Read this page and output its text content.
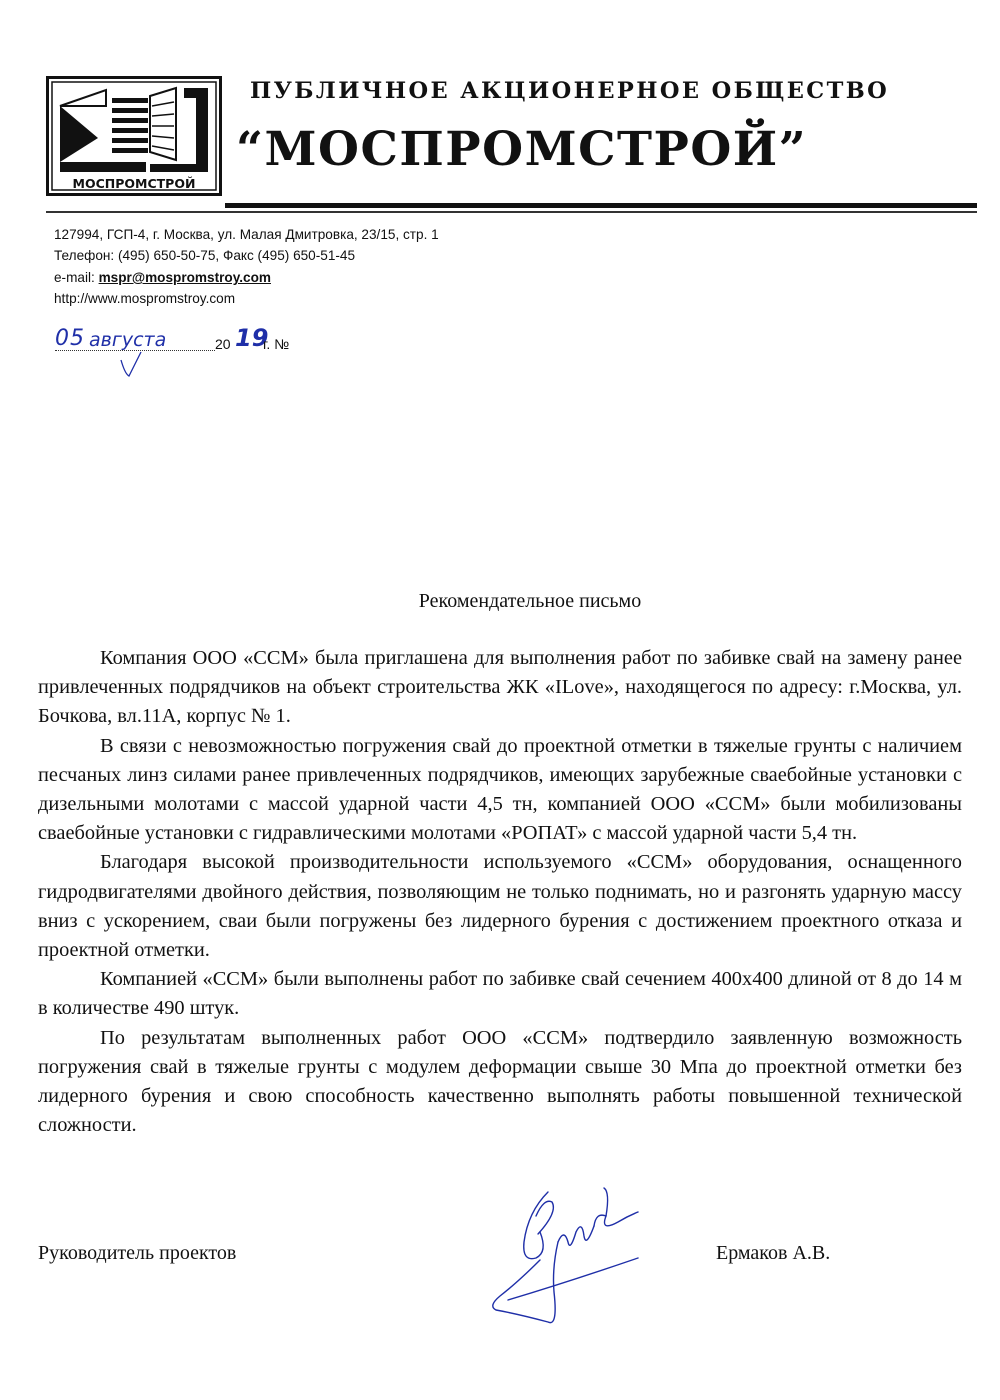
МОСПРОМСТРОЙ
ПУБЛИЧНОЕ АКЦИОНЕРНОЕ ОБЩЕСТВО
“МОСПРОМСТРОЙ”
127994, ГСП-4, г. Москва, ул. Малая Дмитровка, 23/15, стр. 1
Телефон: (495) 650-50-75, Факс (495) 650-51-45
e-mail: mspr@mospromstroy.com
http://www.mospromstroy.com
05 августа	20 19
г. №
Рекомендательное письмо

Компания ООО «ССМ» была приглашена для выполнения работ по забивке свай на замену ранее привлеченных подрядчиков на объект строительства ЖК «ILove», находящегося по адресу: г.Москва, ул. Бочкова, вл.11А, корпус № 1.

В связи с невозможностью погружения свай до проектной отметки в тяжелые грунты с наличием песчаных линз силами ранее привлеченных подрядчиков, имеющих зарубежные сваебойные установки с дизельными молотами с массой ударной части 4,5 тн, компанией ООО «ССМ» были мобилизованы сваебойные установки с гидравлическими молотами «РОПАТ» с массой ударной части 5,4 тн.

Благодаря высокой производительности используемого «ССМ» оборудования, оснащенного гидродвигателями двойного действия, позволяющим не только поднимать, но и разгонять ударную массу вниз с ускорением, сваи были погружены без лидерного бурения с достижением проектного отказа и проектной отметки.

Компанией «ССМ» были выполнены работ по забивке свай сечением 400х400 длиной от 8 до 14 м в количестве 490 штук.

По результатам выполненных работ ООО «ССМ» подтвердило заявленную возможность погружения свай в тяжелые грунты с модулем деформации свыше 30 Мпа до проектной отметки без лидерного бурения и свою способность качественно выполнять работы повышенной технической сложности.

Руководитель проектов	Ермаков А.В.
